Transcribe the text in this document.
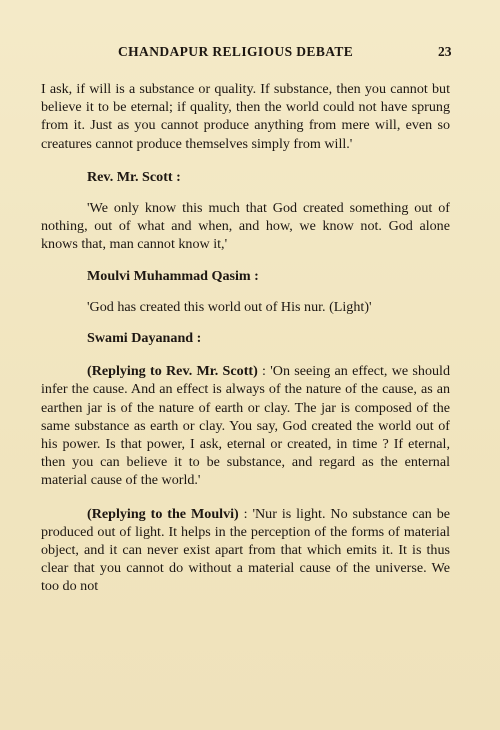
CHANDAPUR RELIGIOUS DEBATE	23

I ask, if will is a substance or quality. If substance, then you cannot but believe it to be eternal; if quality, then the world could not have sprung from it. Just as you cannot produce anything from mere will, even so creatures cannot produce themselves simply from will.'

Rev. Mr. Scott :

'We only know this much that God created something out of nothing, out of what and when, and how, we know not. God alone knows that, man cannot know it,'

Moulvi Muhammad Qasim :

'God has created this world out of His nur. (Light)'

Swami Dayanand :

(Replying to Rev. Mr. Scott) : 'On seeing an effect, we should infer the cause. And an effect is always of the nature of the cause, as an earthen jar is of the nature of earth or clay. The jar is composed of the same substance as earth or clay. You say, God created the world out of his power. Is that power, I ask, eternal or created, in time ? If eternal, then you can believe it to be substance, and regard as the enternal material cause of the world.'

(Replying to the Moulvi) : 'Nur is light. No substance can be produced out of light. It helps in the perception of the forms of material object, and it can never exist apart from that which emits it. It is thus clear that you cannot do without a material cause of the universe. We too do not
